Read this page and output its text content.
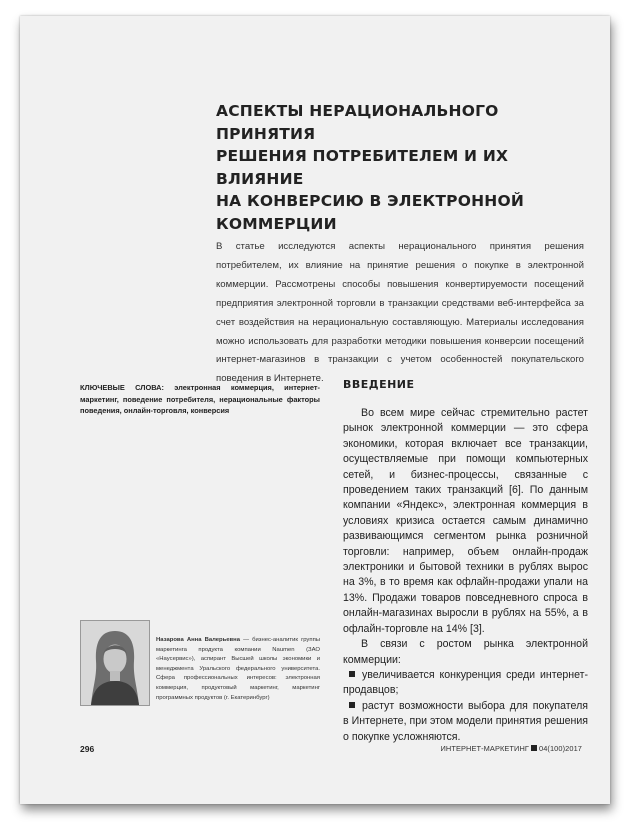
АСПЕКТЫ НЕРАЦИОНАЛЬНОГО ПРИНЯТИЯ
РЕШЕНИЯ ПОТРЕБИТЕЛЕМ И ИХ ВЛИЯНИЕ
НА КОНВЕРСИЮ В ЭЛЕКТРОННОЙ
КОММЕРЦИИ

В статье исследуются аспекты нерационального принятия решения потребителем, их влияние на принятие решения о покупке в электронной коммерции. Рассмотрены способы повышения конвертируемости посещений предприятия электронной торговли в транзакции средствами веб-интерфейса за счет воздействия на нерациональную составляющую. Материалы исследования можно использовать для разработки методики повышения конверсии посещений интернет-магазинов в транзакции с учетом особенностей покупательского поведения в Интернете.

КЛЮЧЕВЫЕ СЛОВА: электронная коммерция, интернет-маркетинг, поведение потребителя, нерациональные факторы поведения, онлайн-торговля, конверсия

ВВЕДЕНИЕ

Во всем мире сейчас стремительно растет рынок электронной коммерции — это сфера экономики, которая включает все транзакции, осуществляемые при помощи компьютерных сетей, и бизнес-процессы, связанные с проведением таких транзакций [6]. По данным компании «Яндекс», электронная коммерция в условиях кризиса остается самым динамично развивающимся сегментом рынка розничной торговли: например, объем онлайн-продаж электроники и бытовой техники в рублях вырос на 3%, в то время как офлайн-продажи упали на 13%. Продажи товаров повседневного спроса в онлайн-магазинах выросли в рублях на 55%, а в офлайн-торговле на 14% [3].

В связи с ростом рынка электронной коммерции:

увеличивается конкуренция среди интернет-продавцов;
растут возможности выбора для покупателя в Интернете, при этом модели принятия решения о покупке усложняются.

Назарова Анна Валерьевна — бизнес-аналитик группы маркетинга продукта компании Naumen (ЗАО «Наусервис»), аспирант Высшей школы экономики и менеджмента Уральского федерального университета. Сфера профессиональных интересов: электронная коммерция, продуктовый маркетинг, маркетинг программных продуктов (г. Екатеринбург)

296	ИНТЕРНЕТ-МАРКЕТИНГ 04(100)2017
